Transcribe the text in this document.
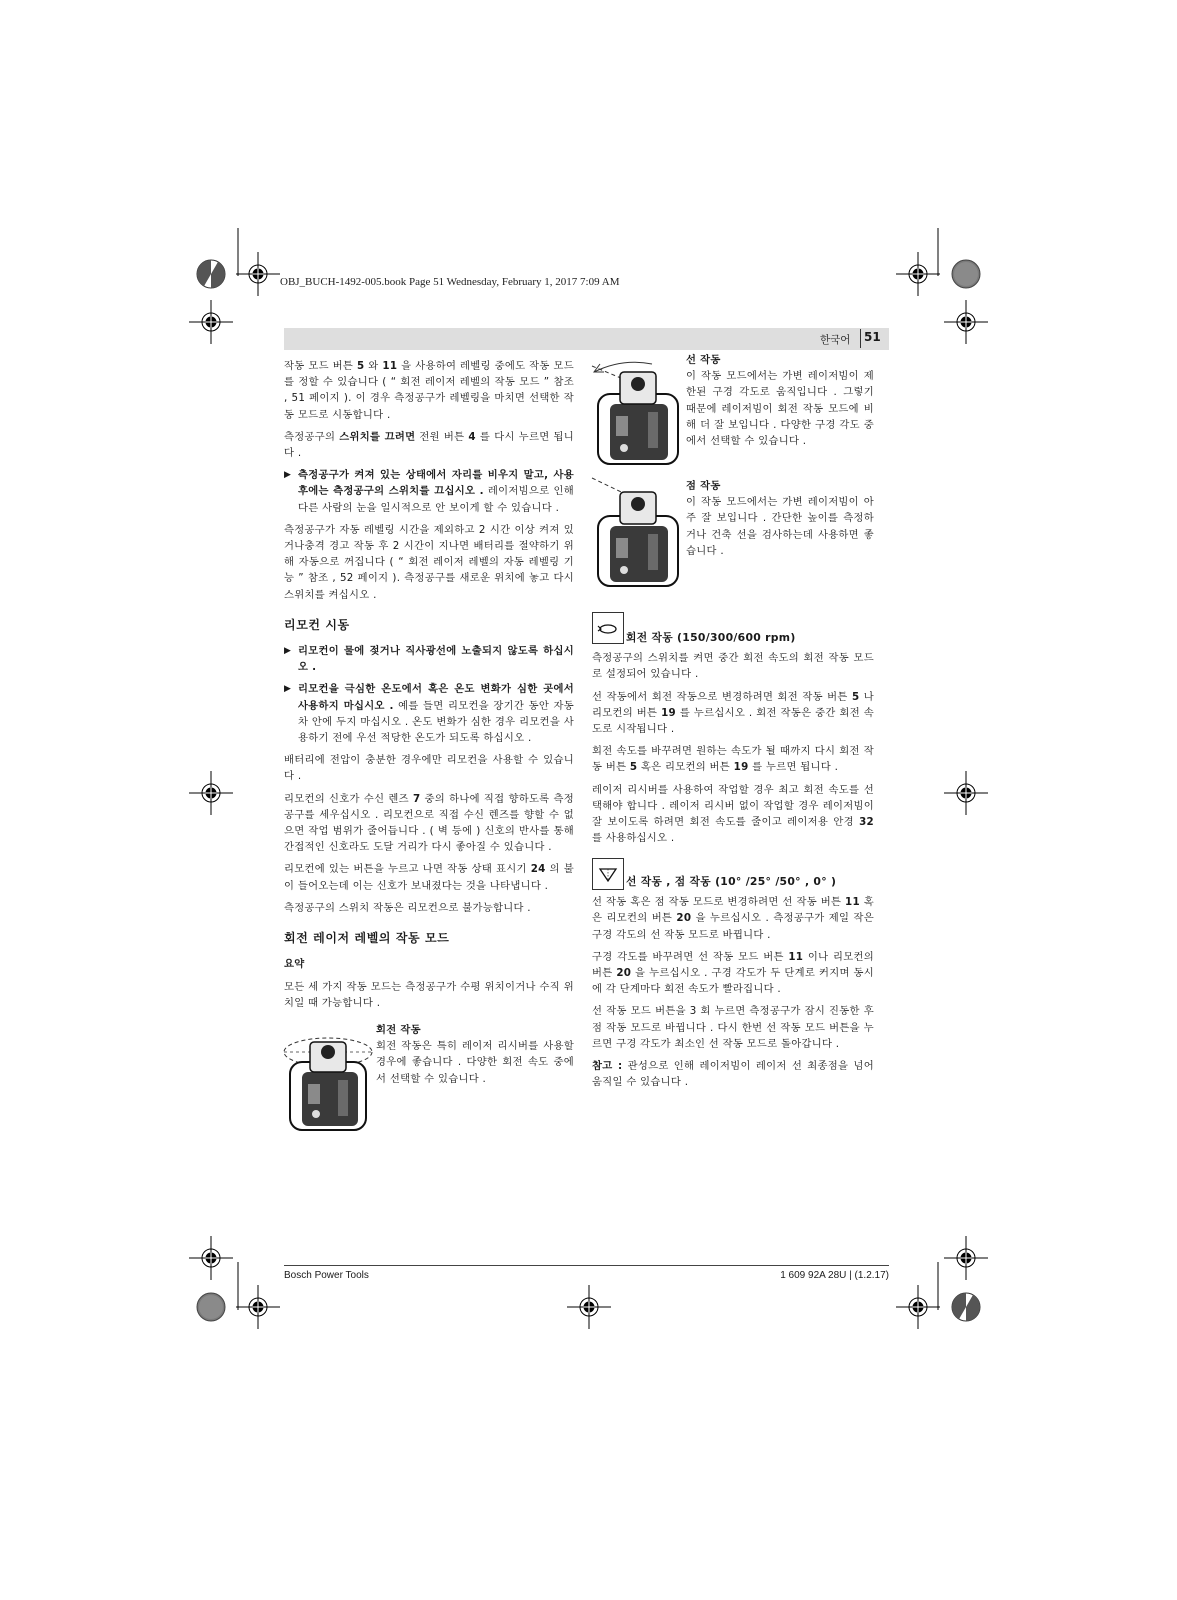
OBJ_BUCH-1492-005.book Page 51 Wednesday, February 1, 2017 7:09 AM
한국어 51

작동 모드 버튼 5 와 11 을 사용하여 레벨링 중에도 작동 모드를 정할 수 있습니다 ( “ 회전 레이저 레벨의 작동 모드 ” 참조 , 51 페이지 ). 이 경우 측정공구가 레벨링을 마치면 선택한 작동 모드로 시동합니다 .

측정공구의 스위치를 끄려면 전원 버튼 4 를 다시 누르면 됩니다 .

▶ 측정공구가 켜져 있는 상태에서 자리를 비우지 말고, 사용 후에는 측정공구의 스위치를 끄십시오 . 레이저빔으로 인해 다른 사람의 눈을 일시적으로 안 보이게 할 수 있습니다 .

측정공구가 자동 레벨링 시간을 제외하고 2 시간 이상 켜져 있거나충격 경고 작동 후 2 시간이 지나면 배터리를 절약하기 위해 자동으로 꺼집니다 ( “ 회전 레이저 레벨의 자동 레벨링 기능 ” 참조 , 52 페이지 ). 측정공구를 새로운 위치에 놓고 다시 스위치를 켜십시오 .

리모컨 시동
▶ 리모컨이 물에 젖거나 직사광선에 노출되지 않도록 하십시오 .
▶ 리모컨을 극심한 온도에서 혹은 온도 변화가 심한 곳에서 사용하지 마십시오 . 예를 들면 리모컨을 장기간 동안 자동차 안에 두지 마십시오 . 온도 변화가 심한 경우 리모컨을 사용하기 전에 우선 적당한 온도가 되도록 하십시오 .

배터리에 전압이 충분한 경우에만 리모컨을 사용할 수 있습니다 .

리모컨의 신호가 수신 렌즈 7 중의 하나에 직접 향하도록 측정공구를 세우십시오 . 리모컨으로 직접 수신 렌즈를 향할 수 없으면 작업 범위가 줄어듭니다 . ( 벽 등에 ) 신호의 반사를 통해 간접적인 신호라도 도달 거리가 다시 좋아질 수 있습니다 .

리모컨에 있는 버튼을 누르고 나면 작동 상태 표시기 24 의 불이 들어오는데 이는 신호가 보내졌다는 것을 나타냅니다 .

측정공구의 스위치 작동은 리모컨으로 불가능합니다 .

회전 레이저 레벨의 작동 모드
요약

모든 세 가지 작동 모드는 측정공구가 수평 위치이거나 수직 위치일 때 가능합니다 .

회전 작동

회전 작동은 특히 레이저 리시버를 사용할 경우에 좋습니다 . 다양한 회전 속도 중에서 선택할 수 있습니다 .

선 작동

이 작동 모드에서는 가변 레이저빔이 제한된 구경 각도로 움직입니다 . 그렇기 때문에 레이저빔이 회전 작동 모드에 비해 더 잘 보입니다 . 다양한 구경 각도 중에서 선택할 수 있습니다 .

점 작동

이 작동 모드에서는 가변 레이저빔이 아주 잘 보입니다 . 간단한 높이를 측정하거나 건축 선을 검사하는데 사용하면 좋습니다 .

회전 작동 (150/300/600 rpm)

측정공구의 스위치를 켜면 중간 회전 속도의 회전 작동 모드로 설정되어 있습니다 .

선 작동에서 회전 작동으로 변경하려면 회전 작동 버튼 5 나 리모컨의 버튼 19 를 누르십시오 . 회전 작동은 중간 회전 속도로 시작됩니다 .

회전 속도를 바꾸려면 원하는 속도가 될 때까지 다시 회전 작동 버튼 5 혹은 리모컨의 버튼 19 를 누르면 됩니다 .

레이저 리시버를 사용하여 작업할 경우 최고 회전 속도를 선택해야 합니다 . 레이저 리시버 없이 작업할 경우 레이저빔이 잘 보이도록 하려면 회전 속도를 줄이고 레이저용 안경 32 를 사용하십시오 .

선 작동 , 점 작동 (10° /25° /50° , 0° )

선 작동 혹은 점 작동 모드로 변경하려면 선 작동 버튼 11 혹은 리모컨의 버튼 20 을 누르십시오 . 측정공구가 제일 작은 구경 각도의 선 작동 모드로 바뀝니다 .

구경 각도를 바꾸려면 선 작동 모드 버튼 11 이나 리모컨의 버튼 20 을 누르십시오 . 구경 각도가 두 단계로 커지며 동시에 각 단계마다 회전 속도가 빨라집니다 .

선 작동 모드 버튼을 3 회 누르면 측정공구가 잠시 진동한 후 점 작동 모드로 바뀝니다 . 다시 한번 선 작동 모드 버튼을 누르면 구경 각도가 최소인 선 작동 모드로 돌아갑니다 .

참고 : 관성으로 인해 레이저빔이 레이저 선 최종점을 넘어 움직일 수 있습니다 .

Bosch Power Tools	1 609 92A 28U | (1.2.17)
